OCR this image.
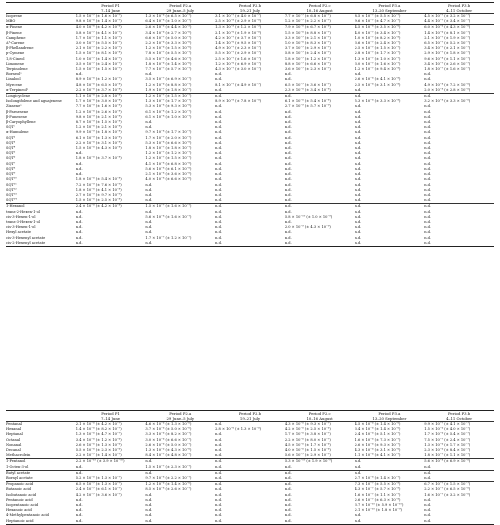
	Period P1	Period P2.a	Period P2.b	Period P2.c	Period P3.a	Period P3.b
	7–14 June	29 June–5 July	19–21 July	10–16 August	13–20 September	4–11 October
Isoprene	1.5 × 10⁻⁷ (± 1.6 × 10⁻⁷)	1.3 × 10⁻⁶ (± 6.5 × 10⁻⁷)	3.1 × 10⁻⁷ (± 4.0 × 10⁻⁷)	7.7 × 10⁻⁷ (± 6.8 × 10⁻⁷)	8.5 × 10⁻⁷ (± 5.5 × 10⁻⁷)	4.5 × 10⁻⁷ (± 3.2 × 10⁻⁷)
MBO	9.8 × 10⁻⁸ (± 1.4 × 10⁻⁷)	6.4 × 10⁻⁸ (± 1.0 × 10⁻⁷)	2.5 × 10⁻⁸ (± 2.9 × 10⁻⁸)	1.2 × 10⁻⁷ (± 2.2 × 10⁻⁷)	9.6 × 10⁻⁷ (± 4.7 × 10⁻⁷)	4.4 × 10⁻⁷ (± 3.4 × 10⁻⁷)
α-Pinene	4.0 × 10⁻⁶ (± 4.2 × 10⁻⁶)	2.6 × 10⁻⁵ (± 4.4 × 10⁻⁵)	1.3 × 10⁻⁵ (± 1.2 × 10⁻⁵)	7.9 × 10⁻⁶ (± 6.7 × 10⁻⁶)	4.5 × 10⁻⁶ (± 3.5 × 10⁻⁶)	6.0 × 10⁻⁶ (± 4.3 × 10⁻⁶)
β-Pinene	5.8 × 10⁻⁷ (± 4.1 × 10⁻⁷)	3.4 × 10⁻⁶ (± 2.7 × 10⁻⁶)	2.1 × 10⁻⁶ (± 1.9 × 10⁻⁶)	1.5 × 10⁻⁶ (± 8.8 × 10⁻⁷)	4.0 × 10⁻⁷ (± 3.4 × 10⁻⁷)	1.4 × 10⁻⁶ (± 8.1 × 10⁻⁷)
Camphene	1.7 × 10⁻⁷ (± 1.1 × 10⁻⁷)	6.6 × 10⁻⁷ (± 5.0 × 10⁻⁷)	4.2 × 10⁻⁷ (± 3.7 × 10⁻⁷)	3.3 × 10⁻⁷ (± 2.1 × 10⁻⁷)	1.0 × 10⁻⁷ (± 8.2 × 10⁻⁸)	2.1 × 10⁻⁷ (± 1.9 × 10⁻⁷)
Δ³-Carene	3.0 × 10⁻⁷ (± 5.5 × 10⁻⁷)	2.2 × 10⁻⁶ (± 3.3 × 10⁻⁶)	1.4 × 10⁻⁶ (± 9.5 × 10⁻⁷)	1.0 × 10⁻⁶ (± 8.3 × 10⁻⁷)	3.6 × 10⁻⁷ (± 2.4 × 10⁻⁷)	6.5 × 10⁻⁷ (± 5.2 × 10⁻⁷)
β-Phellandrene	2.1 × 10⁻⁷ (± 2.2 × 10⁻⁷)	1.2 × 10⁻⁶ (± 1.5 × 10⁻⁶)	4.9 × 10⁻⁷ (± 2.3 × 10⁻⁷)	3.7 × 10⁻⁷ (± 2.9 × 10⁻⁷)	2.5 × 10⁻⁷ (± 1.5 × 10⁻⁷)	3.4 × 10⁻⁷ (± 2.1 × 10⁻⁷)
p-Cymene	1.5 × 10⁻⁷ (± 8.1 × 10⁻⁸)	7.8 × 10⁻⁷ (± 5.5 × 10⁻⁷)	5.5 × 10⁻⁷ (± 2.9 × 10⁻⁷)	5.8 × 10⁻⁷ (± 2.4 × 10⁻⁷)	2.8 × 10⁻⁷ (± 1.7 × 10⁻⁷)	2.9 × 10⁻⁷ (± 1.8 × 10⁻⁷)
1,8-Cineol	1.0 × 10⁻⁷ (± 1.4 × 10⁻⁷)	5.5 × 10⁻⁷ (± 4.6 × 10⁻⁷)	2.5 × 10⁻⁷ (± 1.6 × 10⁻⁷)	1.8 × 10⁻⁷ (± 1.2 × 10⁻⁷)	1.3 × 10⁻⁷ (± 1.0 × 10⁻⁷)	9.6 × 10⁻⁸ (± 1.1 × 10⁻⁷)
Limonene	3.5 × 10⁻⁷ (± 2.4 × 10⁻⁷)	1.8 × 10⁻⁶ (± 1.4 × 10⁻⁶)	1.2 × 10⁻⁶ (± 6.9 × 10⁻⁷)	8.8 × 10⁻⁷ (± 6.6 × 10⁻⁷)	3.0 × 10⁻⁷ (± 1.6 × 10⁻⁷)	3.4 × 10⁻⁷ (± 2.6 × 10⁻⁷)
Terpinolene	1.5 × 10⁻⁷ (± 1.5 × 10⁻⁷)	7.7 × 10⁻⁷ (± 5.7 × 10⁻⁷)	4.3 × 10⁻⁷ (± 3.0 × 10⁻⁷)	3.6 × 10⁻⁷ (± 2.3 × 10⁻⁷)	1.2 × 10⁻⁷ (± 9.4 × 10⁻⁸)	1.8 × 10⁻⁷ (± 1.6 × 10⁻⁷)
Borneolᵃ	n.d.	n.d.	n.d.	n.d.	n.d.	n.d.
Linalool	8.9 × 10⁻⁸ (± 1.2 × 10⁻⁷)	3.5 × 10⁻⁷ (± 6.9 × 10⁻⁷)	n.d.	n.d.	2.6 × 10⁻⁸ (± 4.1 × 10⁻⁸)	n.d.
Myrcene	4.8 × 10⁻⁸ (± 6.5 × 10⁻⁸)	1.2 × 10⁻⁶ (± 8.8 × 10⁻⁷)	8.1 × 10⁻⁷ (± 4.9 × 10⁻⁷)	6.5 × 10⁻⁷ (± 3.6 × 10⁻⁷)	2.5 × 10⁻⁸ (± 3.1 × 10⁻⁸)	4.9 × 10⁻⁸ (± 7.2 × 10⁻⁸)
α-Terpineolᵃ	2.2 × 10⁻⁸ (± 3.7 × 10⁻⁸)	1.9 × 10⁻⁷ (± 1.8 × 10⁻⁷)	n.d.	2.3 × 10⁻⁸ (± 3.4 × 10⁻⁸)	n.d.	2.0 × 10⁻⁸ (± 2.8 × 10⁻⁸)
Longicyclene	1.1 × 10⁻⁸ (± 2.8 × 10⁻⁸)	1.2 × 10⁻⁷ (± 1.5 × 10⁻⁷)	n.d.	n.d.	n.d.	n.d.
Isolongifolene and aguajenene	1.7 × 10⁻⁸ (± 3.0 × 10⁻⁸)	1.3 × 10⁻⁷ (± 1.7 × 10⁻⁷)	8.9 × 10⁻⁸ (± 7.8 × 10⁻⁸)	6.1 × 10⁻⁸ (± 5.4 × 10⁻⁸)	5.3 × 10⁻⁸ (± 3.3 × 10⁻⁸)	3.2 × 10⁻⁸ (± 3.3 × 10⁻⁸)
Zizaeneᵃ	7.7 × 10⁻⁹ (± 1.6 × 10⁻⁸)	5.3 × 10⁻⁸ (± 9.3 × 10⁻⁸)	n.d.	2.7 × 10⁻⁹ (± 5.7 × 10⁻⁹)	n.d.	n.d.
β-Farnesene	1.2 × 10⁻⁸ (± 2.6 × 10⁻⁸)	6.1 × 10⁻⁸ (± 1.2 × 10⁻⁷)	n.d.	n.d.	n.d.	n.d.
β-Funesene	9.8 × 10⁻⁹ (± 2.1 × 10⁻⁸)	6.1 × 10⁻⁸ (± 1.0 × 10⁻⁷)	n.d.	n.d.	n.d.	n.d.
β-Caryophyllene	8.7 × 10⁻⁹ (± 1.5 × 10⁻⁸)	n.d.	n.d.	n.d.	n.d.	n.d.
SQTⁱ	1.2 × 10⁻⁸ (± 2.1 × 10⁻⁸)	n.d.	n.d.	n.d.	n.d.	n.d.
α-Humulene	9.9 × 10⁻⁹ (± 1.8 × 10⁻⁸)	9.7 × 10⁻⁸ (± 1.7 × 10⁻⁷)	n.d.	n.d.	n.d.	n.d.
SQT²	6.1 × 10⁻⁹ (± 1.3 × 10⁻⁸)	1.7 × 10⁻⁷ (± 2.0 × 10⁻⁷)	n.d.	n.d.	n.d.	n.d.
SQT³	2.2 × 10⁻⁸ (± 3.1 × 10⁻⁸)	5.3 × 10⁻⁸ (± 6.6 × 10⁻⁸)	n.d.	n.d.	n.d.	n.d.
SQT⁴	1.5 × 10⁻⁸ (± 4.3 × 10⁻⁸)	1.8 × 10⁻⁷ (± 1.8 × 10⁻⁷)	n.d.	n.d.	n.d.	n.d.
SQT⁵	n.d.	1.2 × 10⁻⁷ (± 1.2 × 10⁻⁷)	n.d.	n.d.	n.d.	n.d.
SQT⁶	1.8 × 10⁻⁸ (± 3.7 × 10⁻⁸)	1.2 × 10⁻⁷ (± 1.5 × 10⁻⁷)	n.d.	n.d.	n.d.	n.d.
SQT⁷	n.d.	4.1 × 10⁻⁸ (± 6.8 × 10⁻⁸)	n.d.	n.d.	n.d.	n.d.
SQT⁸	n.d.	5.6 × 10⁻⁸ (± 6.1 × 10⁻⁸)	n.d.	n.d.	n.d.	n.d.
SQT⁹	n.d.	2.1 × 10⁻⁸ (± 3.6 × 10⁻⁸)	n.d.	n.d.	n.d.	n.d.
SQT¹⁰	1.8 × 10⁻⁸ (± 5.4 × 10⁻⁸)	4.0 × 10⁻⁸ (± 6.6 × 10⁻⁸)	n.d.	n.d.	n.d.	n.d.
SQT¹¹	7.2 × 10⁻⁹ (± 7.6 × 10⁻⁹)	n.d.	n.d.	n.d.	n.d.	n.d.
SQT¹²	1.8 × 10⁻⁸ (± 4.1 × 10⁻⁸)	n.d.	n.d.	n.d.	n.d.	n.d.
SQT¹³	2.7 × 10⁻⁹ (± 9.7 × 10⁻⁹)	n.d.	n.d.	n.d.	n.d.	n.d.
SQT¹⁴	1.5 × 10⁻⁸ (± 2.5 × 10⁻⁸)	n.d.	n.d.	n.d.	n.d.	n.d.
1-Hexanol	2.4 × 10⁻⁸ (± 4.2 × 10⁻⁸)	1.5 × 10⁻⁷ (± 1.6 × 10⁻⁷)	n.d.	n.d.	n.d.	n.d.
trans-2-Hexen-1-ol	n.d.	n.d.	n.d.	n.d.	n.d.	n.d.
cis-3-Hexen-1-ol	n.d.	5.6 × 10⁻⁸ (± 1.6 × 10⁻⁷)	n.d.	5.8 × 10⁻¹⁰ (± 1.0 × 10⁻⁹)	n.d.	n.d.
trans-3-Hexen-1-ol	n.d.	n.d.	n.d.	n.d.	n.d.	n.d.
cis-3-Hexen-1-ol	n.d.	n.d.	n.d.	2.0 × 10⁻⁹ (± 4.3 × 10⁻⁹)	n.d.	n.d.
Hexyl acetate	n.d.	n.d.	n.d.	n.d.	n.d.	n.d.
cis-3-Hexenyl acetate	n.d.	1.7 × 10⁻⁷ (± 1.2 × 10⁻⁷)	n.d.	n.d.	n.d.	n.d.
cis-2-Hexenyl acetate	n.d.	n.d.	n.d.	n.d.	n.d.	n.d.
	Period P1	Period P2.a	Period P2.b	Period P2.c	Period P3.a	Period P3.b
	7–14 June	29 June–5 July	19–21 July	10–16 August	13–20 September	4–11 October
Pentanal	2.1 × 10⁻⁶ (± 4.2 × 10⁻⁷)	4.6 × 10⁻⁶ (± 1.3 × 10⁻⁶)	n.d.	4.3 × 10⁻⁶ (± 9.3 × 10⁻⁷)	4.5 × 10⁻⁶ (± 1.4 × 10⁻⁶)	9.9 × 10⁻⁷ (± 4.1 × 10⁻⁷)
Hexanal	1.4 × 10⁻⁶ (± 8.2 × 10⁻⁷)	3.7 × 10⁻⁶ (± 5.0 × 10⁻⁶)	2.8 × 10⁻⁶ (± 1.3 × 10⁻⁶)	4.2 × 10⁻⁶ (± 2.5 × 10⁻⁶)	3.4 × 10⁻⁶ (± 1.4 × 10⁻⁶)	1.5 × 10⁻⁶ (± 4.0 × 10⁻⁷)
Heptanal	1.3 × 10⁻⁶ (± 4.7 × 10⁻⁷)	3.3 × 10⁻⁶ (± 8.2 × 10⁻⁷)	n.d.	1.7 × 10⁻⁶ (± 3.8 × 10⁻⁷)	2.4 × 10⁻⁶ (± 5.1 × 10⁻⁷)	1.7 × 10⁻⁶ (± 5.4 × 10⁻⁷)
Octanal	3.4 × 10⁻⁶ (± 1.2 × 10⁻⁶)	3.0 × 10⁻⁶ (± 6.6 × 10⁻⁷)	n.d.	2.2 × 10⁻⁶ (± 8.0 × 10⁻⁷)	1.6 × 10⁻⁶ (± 7.3 × 10⁻⁷)	7.5 × 10⁻⁷ (± 2.4 × 10⁻⁷)
Nonanal	2.6 × 10⁻⁶ (± 1.3 × 10⁻⁶)	2.6 × 10⁻⁶ (± 5.0 × 10⁻⁷)	n.d.	4.5 × 10⁻⁶ (± 1.7 × 10⁻⁶)	2.6 × 10⁻⁶ (± 9.3 × 10⁻⁷)	1.3 × 10⁻⁶ (± 1.7 × 10⁻⁷)
Decanal	5.5 × 10⁻⁶ (± 2.3 × 10⁻⁶)	1.3 × 10⁻⁵ (± 4.3 × 10⁻⁶)	n.d.	4.0 × 10⁻⁶ (± 1.5 × 10⁻⁶)	4.3 × 10⁻⁶ (± 3.1 × 10⁻⁶)	2.3 × 10⁻⁶ (± 8.4 × 10⁻⁷)
Methacrolein	2.2 × 10⁻⁷ (± 1.4 × 10⁻⁷)	8.4 × 10⁻⁷ (± 4.8 × 10⁻⁷)	n.d.	5.6 × 10⁻⁷ (± 2.9 × 10⁻⁷)	1.1 × 10⁻⁶ (± 4.1 × 10⁻⁷)	1.8 × 10⁻⁷ (± 1.1 × 10⁻⁷)
1-Pentanol	2.2 × 10⁻¹⁰ (± 3.9 × 10⁻¹⁰)	n.d.	n.d.	5.3 × 10⁻¹⁰ (± 1.9 × 10⁻⁹)	n.d.	5.6 × 10⁻⁸ (± 6.9 × 10⁻⁸)
1-Octen-3-ol	n.d.	1.5 × 10⁻⁷ (± 2.3 × 10⁻⁷)	n.d.	n.d.	n.d.	n.d.
Butyl acetate	n.d.	n.d.	n.d.	n.d.	n.d.	n.d.
Bornyl acetate	5.2 × 10⁻⁸ (± 1.3 × 10⁻⁷)	9.7 × 10⁻⁸ (± 2.2 × 10⁻⁷)	n.d.	n.d.	2.7 × 10⁻⁸ (± 1.4 × 10⁻⁷)	n.d.
Propanoic acid	6.5 × 10⁻⁷ (± 1.3 × 10⁻⁷)	1.2 × 10⁻⁶ (± 1.4 × 10⁻⁶)	n.d.	n.d.	7.3 × 10⁻⁷ (± 5.5 × 10⁻⁸)	6.7 × 10⁻⁷ (± 1.5 × 10⁻⁷)
Butanoic acid	2.4 × 10⁻⁷ (± 6.1 × 10⁻⁷)	8.5 × 10⁻⁸ (± 2.6 × 10⁻⁷)	n.d.	n.d.	4.3 × 10⁻⁷ (± 5.7 × 10⁻⁸)	2.2 × 10⁻⁷ (± 6.5 × 10⁻⁸)
Isobutanoic acid	4.2 × 10⁻⁷ (± 3.6 × 10⁻⁷)	n.d.	n.d.	n.d.	1.6 × 10⁻⁷ (± 1.1 × 10⁻⁷)	1.6 × 10⁻⁷ (± 3.2 × 10⁻⁸)
Pentanoic acid	n.d.	n.d.	n.d.	n.d.	2.6 × 10⁻⁷ (± 6.3 × 10⁻⁸)	n.d.
Isopentanoic acid	n.d.	n.d.	n.d.	n.d.	3.7 × 10⁻¹⁰ (± 5.9 × 10⁻¹⁰)	n.d.
Hexanoic acid	n.d.	n.d.	n.d.	n.d.	2.1 × 10⁻¹⁰ (± 1.8 × 10⁻⁹)	n.d.
4-Methylpentanoic acid	n.d.	n.d.	n.d.	n.d.	n.d.	n.d.
Heptanoic acid	n.d.	n.d.	n.d.	n.d.	n.d.	n.d.
